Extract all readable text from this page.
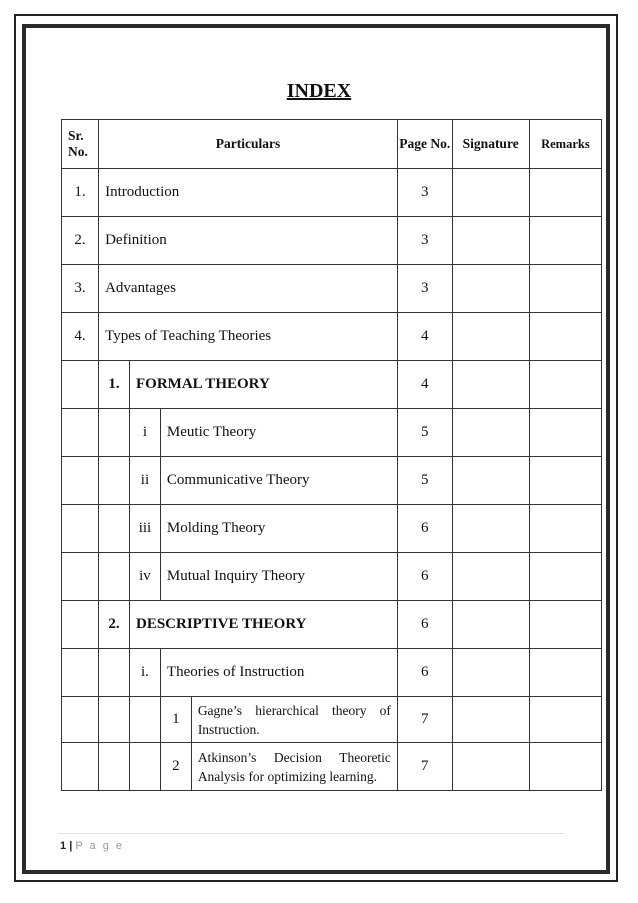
INDEX
Sr. No.	Particulars				Page No.	Signature	Remarks
1.	Introduction				3		
2.	Definition				3		
3.	Advantages				3		
4.	Types of Teaching Theories				4		
	1.	FORMAL THEORY			4		
		i	Meutic Theory		5		
		ii	Communicative Theory		5		
		iii	Molding Theory		6		
		iv	Mutual Inquiry Theory		6		
	2.	DESCRIPTIVE THEORY			6		
		i.	Theories of Instruction		6		
			1	Gagne’s hierarchical theory of Instruction.	7		
			2	Atkinson’s Decision Theoretic Analysis for optimizing learning.	7		
1 | P a g e
